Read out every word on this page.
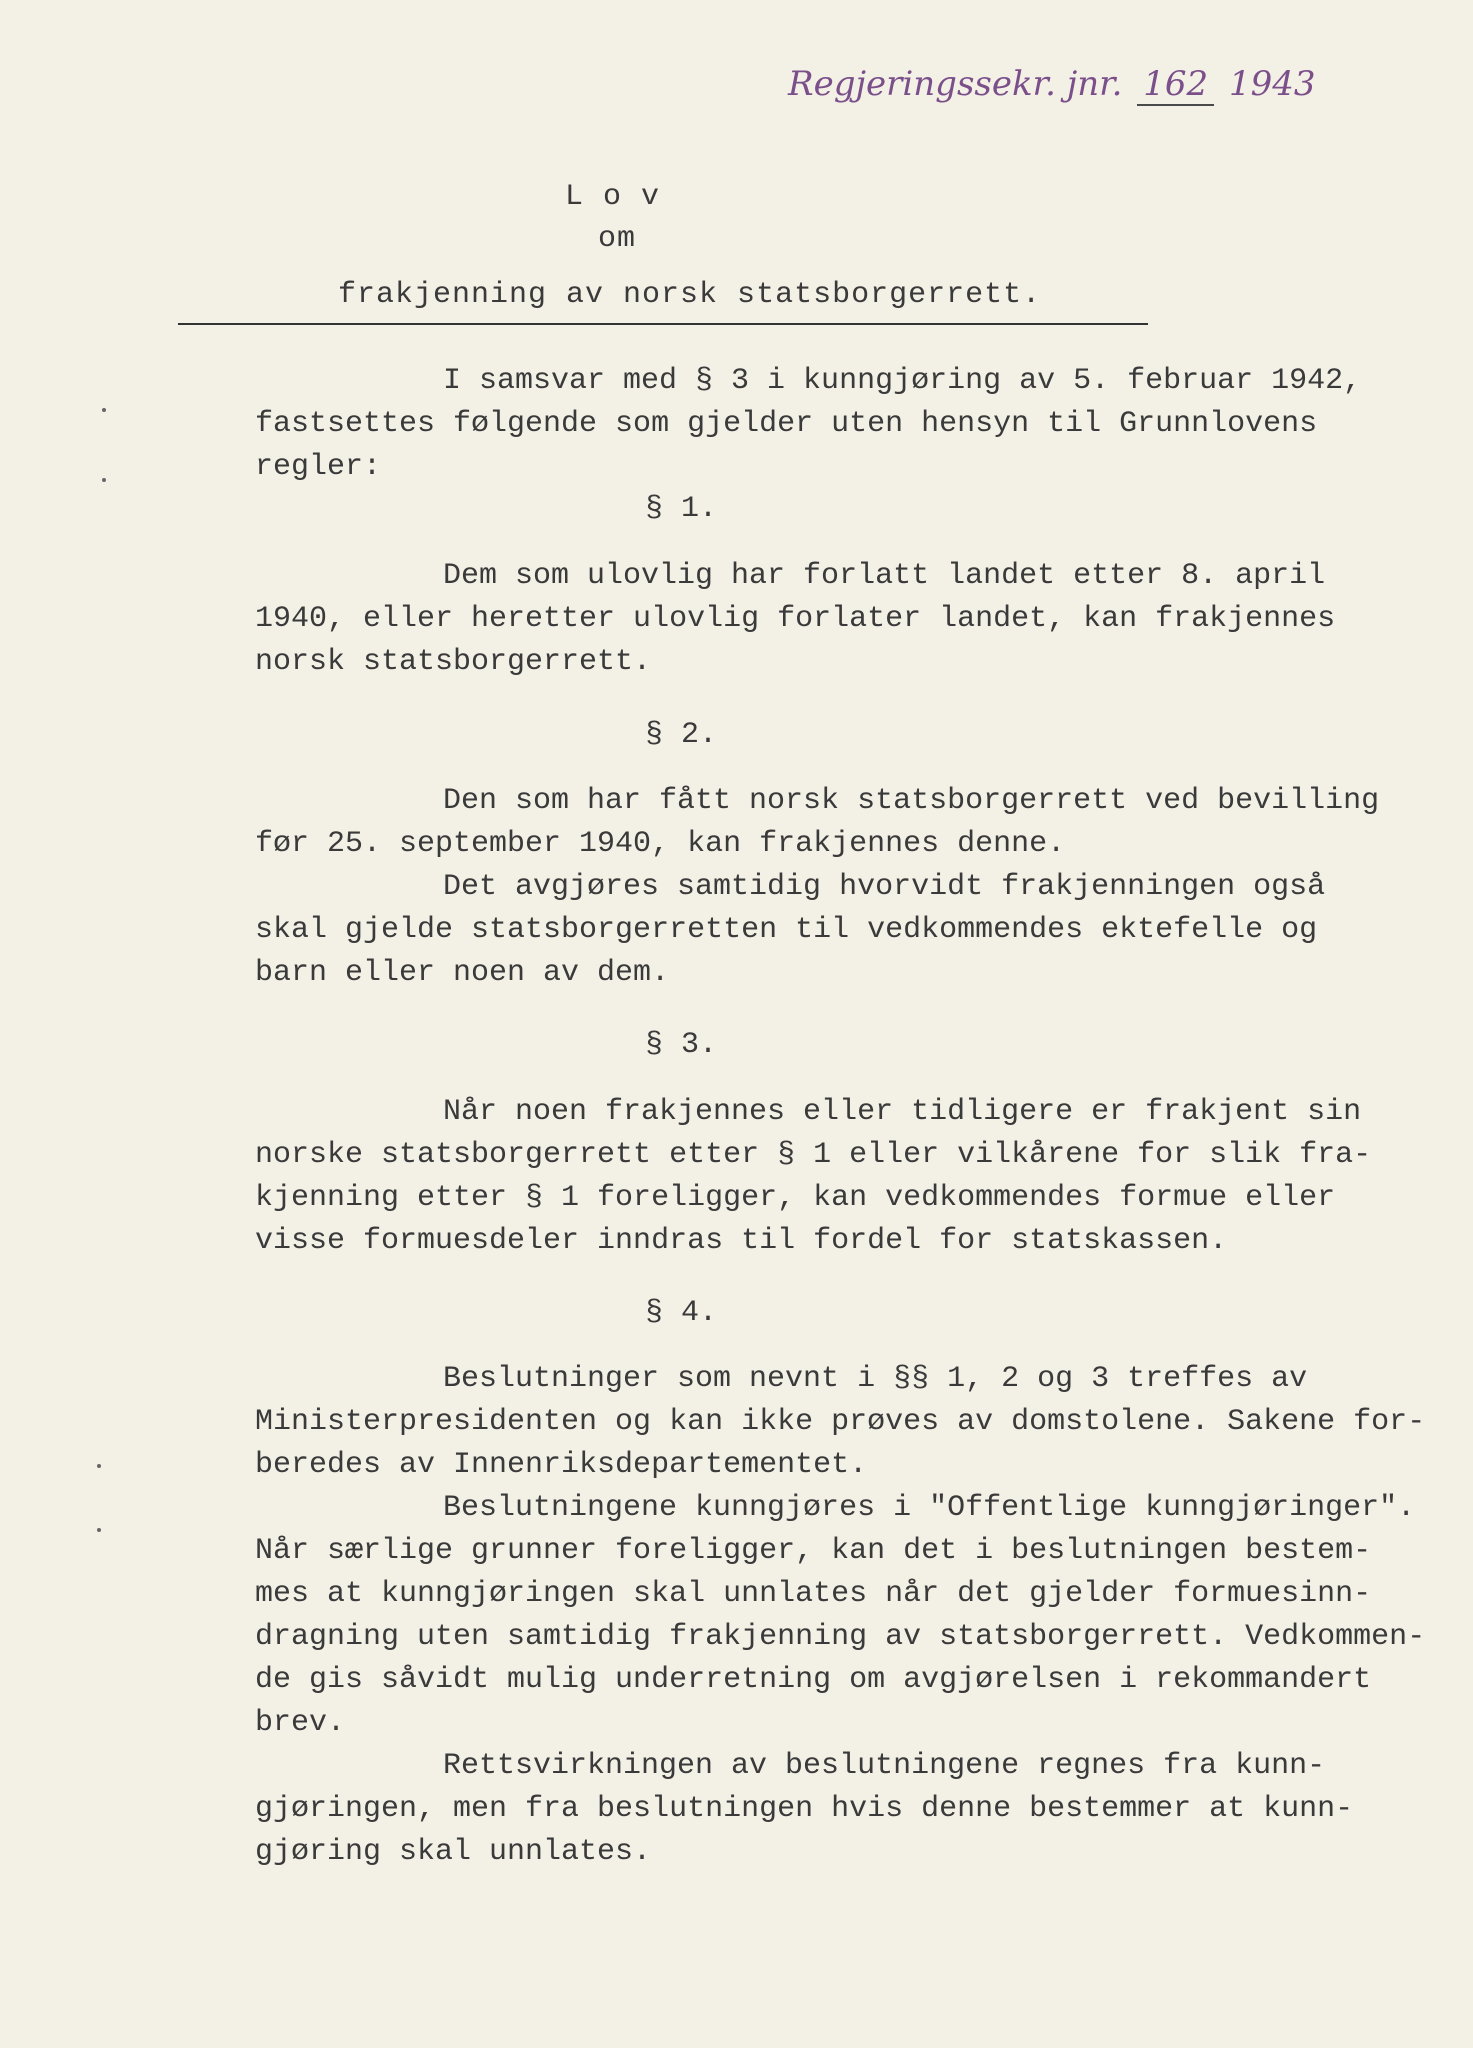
Regjeringssekr. jnr. 162 1943
L o v
om
frakjenning av norsk statsborgerrett.
I samsvar med § 3 i kunngjøring av 5. februar 1942,
fastsettes følgende som gjelder uten hensyn til Grunnlovens
regler:
§ 1.
Dem som ulovlig har forlatt landet etter 8. april
1940, eller heretter ulovlig forlater landet, kan frakjennes
norsk statsborgerrett.
§ 2.
Den som har fått norsk statsborgerrett ved bevilling
før 25. september 1940, kan frakjennes denne.
Det avgjøres samtidig hvorvidt frakjenningen også
skal gjelde statsborgerretten til vedkommendes ektefelle og
barn eller noen av dem.
§ 3.
Når noen frakjennes eller tidligere er frakjent sin
norske statsborgerrett etter § 1 eller vilkårene for slik fra-
kjenning etter § 1 foreligger, kan vedkommendes formue eller
visse formuesdeler inndras til fordel for statskassen.
§ 4.
Beslutninger som nevnt i §§ 1, 2 og 3 treffes av
Ministerpresidenten og kan ikke prøves av domstolene. Sakene for-
beredes av Innenriksdepartementet.
Beslutningene kunngjøres i "Offentlige kunngjøringer".
Når særlige grunner foreligger, kan det i beslutningen bestem-
mes at kunngjøringen skal unnlates når det gjelder formuesinn-
dragning uten samtidig frakjenning av statsborgerrett. Vedkommen-
de gis såvidt mulig underretning om avgjørelsen i rekommandert
brev.
Rettsvirkningen av beslutningene regnes fra kunn-
gjøringen, men fra beslutningen hvis denne bestemmer at kunn-
gjøring skal unnlates.
